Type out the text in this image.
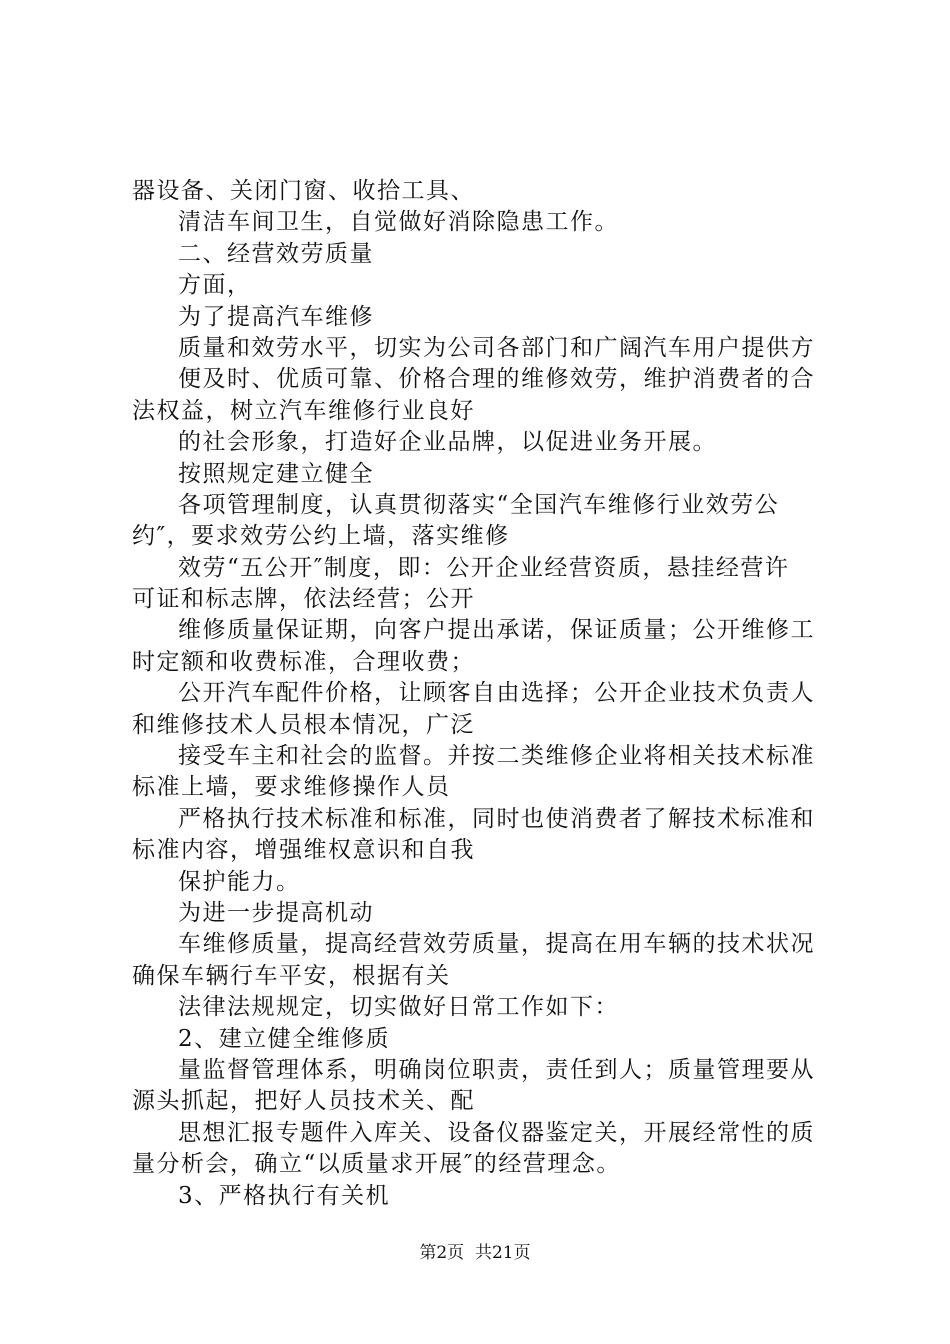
器设备、关闭门窗、收拾工具、
清洁车间卫生，自觉做好消除隐患工作。
二、经营效劳质量
方面，
为了提高汽车维修
质量和效劳水平，切实为公司各部门和广阔汽车用户提供方
便及时、优质可靠、价格合理的维修效劳，维护消费者的合
法权益，树立汽车维修行业良好
的社会形象，打造好企业品牌，以促进业务开展。
按照规定建立健全
各项管理制度，认真贯彻落实“全国汽车维修行业效劳公
约″，要求效劳公约上墙，落实维修
效劳“五公开″制度，即：公开企业经营资质，悬挂经营许
可证和标志牌，依法经营；公开
维修质量保证期，向客户提出承诺，保证质量；公开维修工
时定额和收费标准，合理收费；
公开汽车配件价格，让顾客自由选择；公开企业技术负责人
和维修技术人员根本情况，广泛
接受车主和社会的监督。并按二类维修企业将相关技术标准
标准上墙，要求维修操作人员
严格执行技术标准和标准，同时也使消费者了解技术标准和
标准内容，增强维权意识和自我
保护能力。
为进一步提高机动
车维修质量，提高经营效劳质量，提高在用车辆的技术状况
确保车辆行车平安，根据有关
法律法规规定，切实做好日常工作如下：
2、建立健全维修质
量监督管理体系，明确岗位职责，责任到人；质量管理要从
源头抓起，把好人员技术关、配
思想汇报专题件入库关、设备仪器鉴定关，开展经常性的质
量分析会，确立“以质量求开展″的经营理念。
3、严格执行有关机
第2页  共21页
